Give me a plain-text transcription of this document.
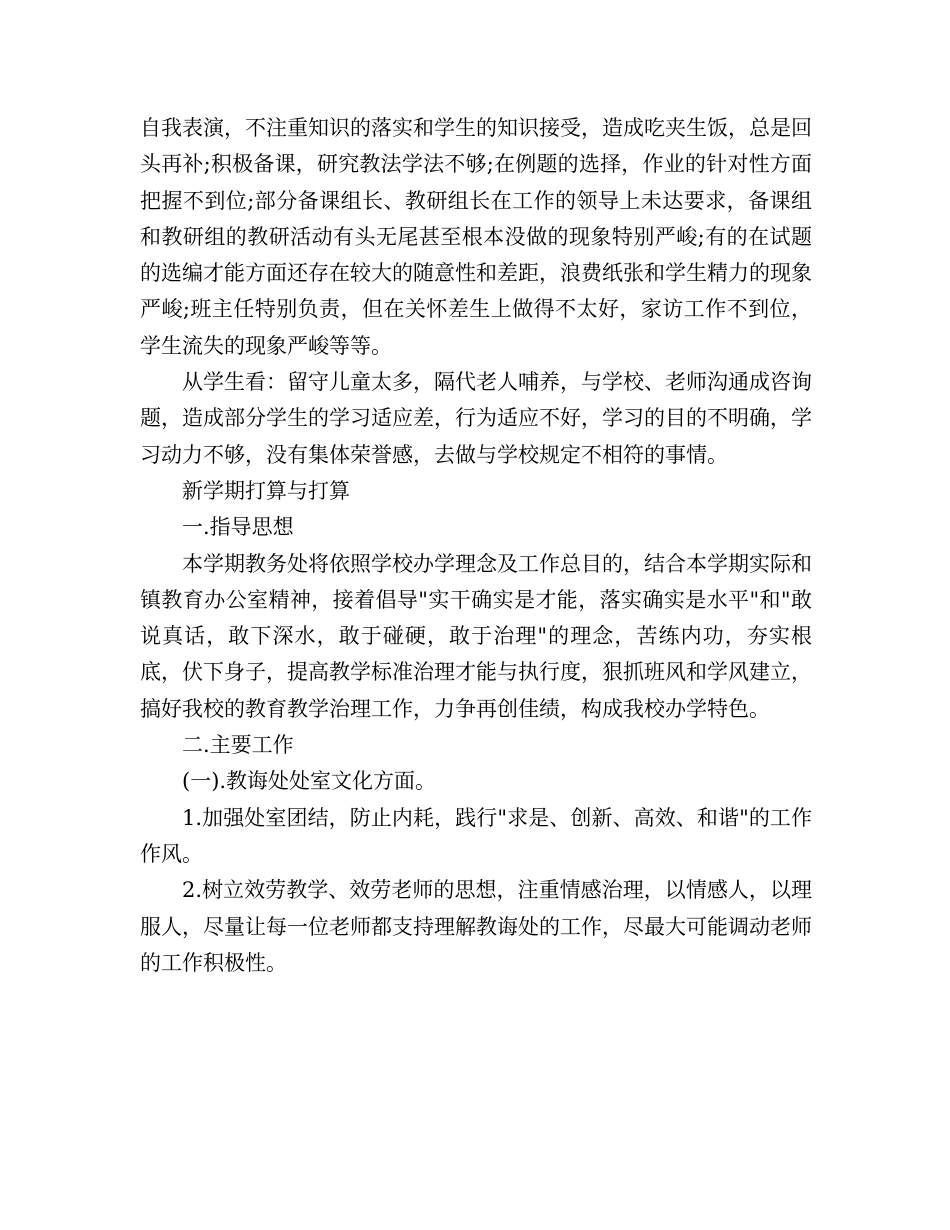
自我表演，不注重知识的落实和学生的知识接受，造成吃夹生饭，总是回头再补;积极备课，研究教法学法不够;在例题的选择，作业的针对性方面把握不到位;部分备课组长、教研组长在工作的领导上未达要求，备课组和教研组的教研活动有头无尾甚至根本没做的现象特别严峻;有的在试题的选编才能方面还存在较大的随意性和差距，浪费纸张和学生精力的现象严峻;班主任特别负责，但在关怀差生上做得不太好，家访工作不到位，学生流失的现象严峻等等。

从学生看：留守儿童太多，隔代老人哺养，与学校、老师沟通成咨询题，造成部分学生的学习适应差，行为适应不好，学习的目的不明确，学习动力不够，没有集体荣誉感，去做与学校规定不相符的事情。

新学期打算与打算

一.指导思想

本学期教务处将依照学校办学理念及工作总目的，结合本学期实际和镇教育办公室精神，接着倡导"实干确实是才能，落实确实是水平"和"敢说真话，敢下深水，敢于碰硬，敢于治理"的理念，苦练内功，夯实根底，伏下身子，提高教学标准治理才能与执行度，狠抓班风和学风建立，搞好我校的教育教学治理工作，力争再创佳绩，构成我校办学特色。

二.主要工作

(一).教诲处处室文化方面。

1.加强处室团结，防止内耗，践行"求是、创新、高效、和谐"的工作作风。

2.树立效劳教学、效劳老师的思想，注重情感治理，以情感人，以理服人，尽量让每一位老师都支持理解教诲处的工作，尽最大可能调动老师的工作积极性。
